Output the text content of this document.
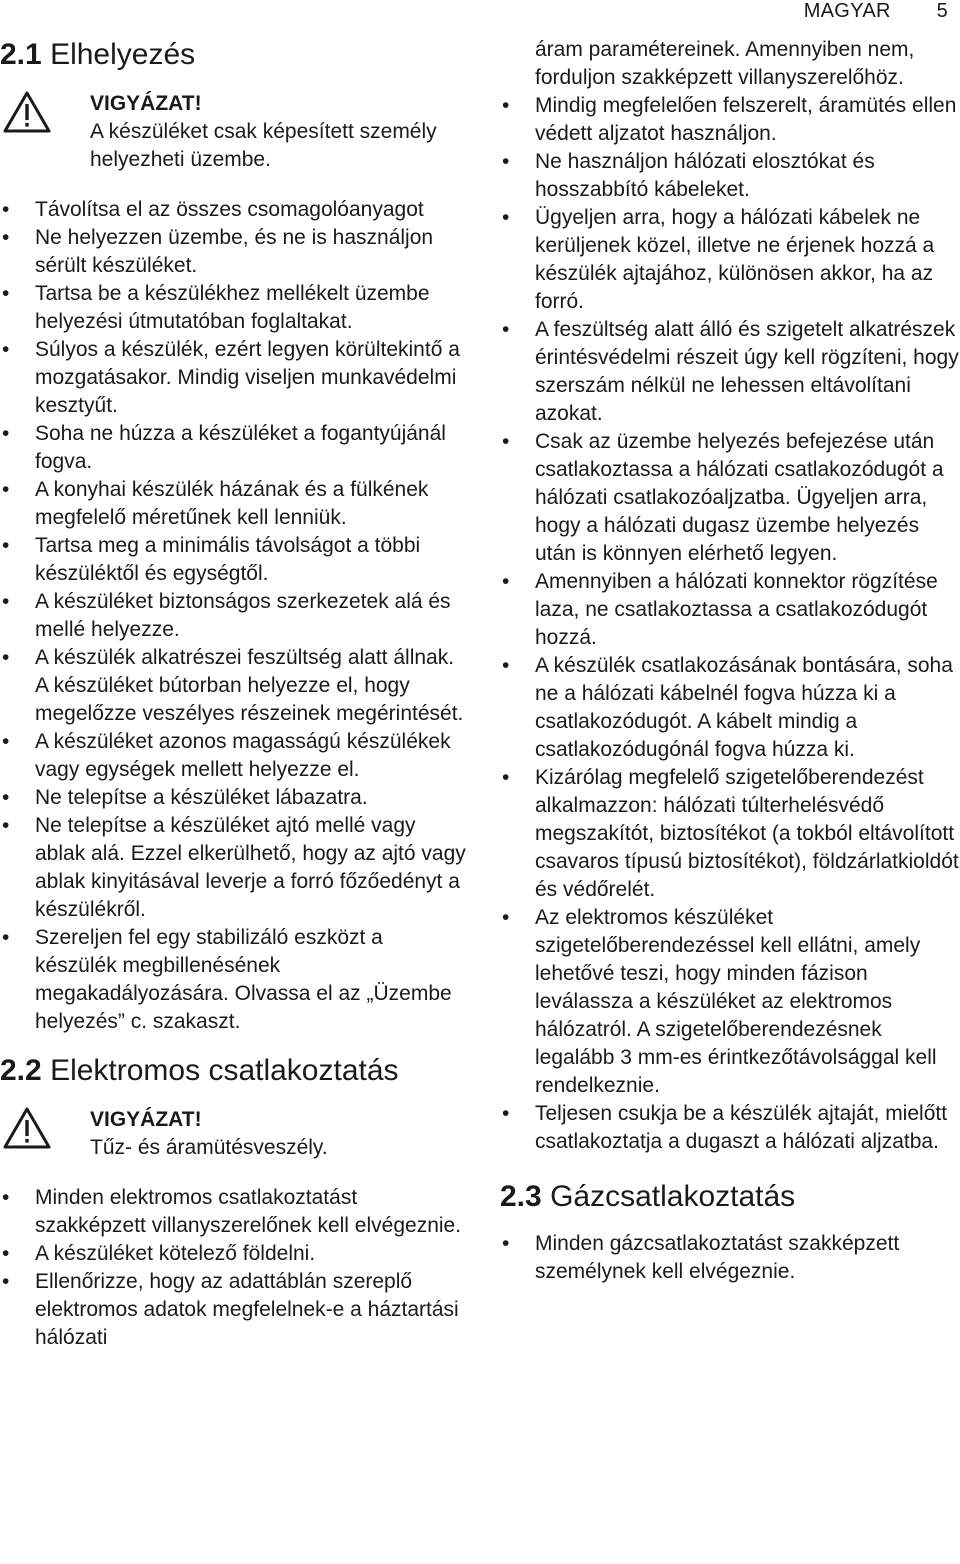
MAGYAR 5
2.1 Elhelyezés
VIGYÁZAT!
A készüléket csak képesített személy helyezheti üzembe.
• Távolítsa el az összes csomagolóanyagot
• Ne helyezzen üzembe, és ne is használjon sérült készüléket.
• Tartsa be a készülékhez mellékelt üzembe helyezési útmutatóban foglaltakat.
• Súlyos a készülék, ezért legyen körültekintő a mozgatásakor. Mindig viseljen munkavédelmi kesztyűt.
• Soha ne húzza a készüléket a fogantyújánál fogva.
• A konyhai készülék házának és a fülkének megfelelő méretűnek kell lenniük.
• Tartsa meg a minimális távolságot a többi készüléktől és egységtől.
• A készüléket biztonságos szerkezetek alá és mellé helyezze.
• A készülék alkatrészei feszültség alatt állnak. A készüléket bútorban helyezze el, hogy megelőzze veszélyes részeinek megérintését.
• A készüléket azonos magasságú készülékek vagy egységek mellett helyezze el.
• Ne telepítse a készüléket lábazatra.
• Ne telepítse a készüléket ajtó mellé vagy ablak alá. Ezzel elkerülhető, hogy az ajtó vagy ablak kinyitásával leverje a forró főzőedényt a készülékről.
• Szereljen fel egy stabilizáló eszközt a készülék megbillenésének megakadályozására. Olvassa el az „Üzembe helyezés” c. szakaszt.
2.2 Elektromos csatlakoztatás
VIGYÁZAT!
Tűz- és áramütésveszély.
• Minden elektromos csatlakoztatást szakképzett villanyszerelőnek kell elvégeznie.
• A készüléket kötelező földelni.
• Ellenőrizze, hogy az adattáblán szereplő elektromos adatok megfelelnek-e a háztartási hálózati
áram paramétereinek. Amennyiben nem, forduljon szakképzett villanyszerelőhöz.
• Mindig megfelelően felszerelt, áramütés ellen védett aljzatot használjon.
• Ne használjon hálózati elosztókat és hosszabbító kábeleket.
• Ügyeljen arra, hogy a hálózati kábelek ne kerüljenek közel, illetve ne érjenek hozzá a készülék ajtajához, különösen akkor, ha az forró.
• A feszültség alatt álló és szigetelt alkatrészek érintésvédelmi részeit úgy kell rögzíteni, hogy szerszám nélkül ne lehessen eltávolítani azokat.
• Csak az üzembe helyezés befejezése után csatlakoztassa a hálózati csatlakozódugót a hálózati csatlakozóaljzatba. Ügyeljen arra, hogy a hálózati dugasz üzembe helyezés után is könnyen elérhető legyen.
• Amennyiben a hálózati konnektor rögzítése laza, ne csatlakoztassa a csatlakozódugót hozzá.
• A készülék csatlakozásának bontására, soha ne a hálózati kábelnél fogva húzza ki a csatlakozódugót. A kábelt mindig a csatlakozódugónál fogva húzza ki.
• Kizárólag megfelelő szigetelőberendezést alkalmazzon: hálózati túlterhelésvédő megszakítót, biztosítékot (a tokból eltávolított csavaros típusú biztosítékot), földzárlatkioldót és védőrelét.
• Az elektromos készüléket szigetelőberendezéssel kell ellátni, amely lehetővé teszi, hogy minden fázison leválassza a készüléket az elektromos hálózatról. A szigetelőberendezésnek legalább 3 mm-es érintkezőtávolsággal kell rendelkeznie.
• Teljesen csukja be a készülék ajtaját, mielőtt csatlakoztatja a dugaszt a hálózati aljzatba.
2.3 Gázcsatlakoztatás
• Minden gázcsatlakoztatást szakképzett személynek kell elvégeznie.
